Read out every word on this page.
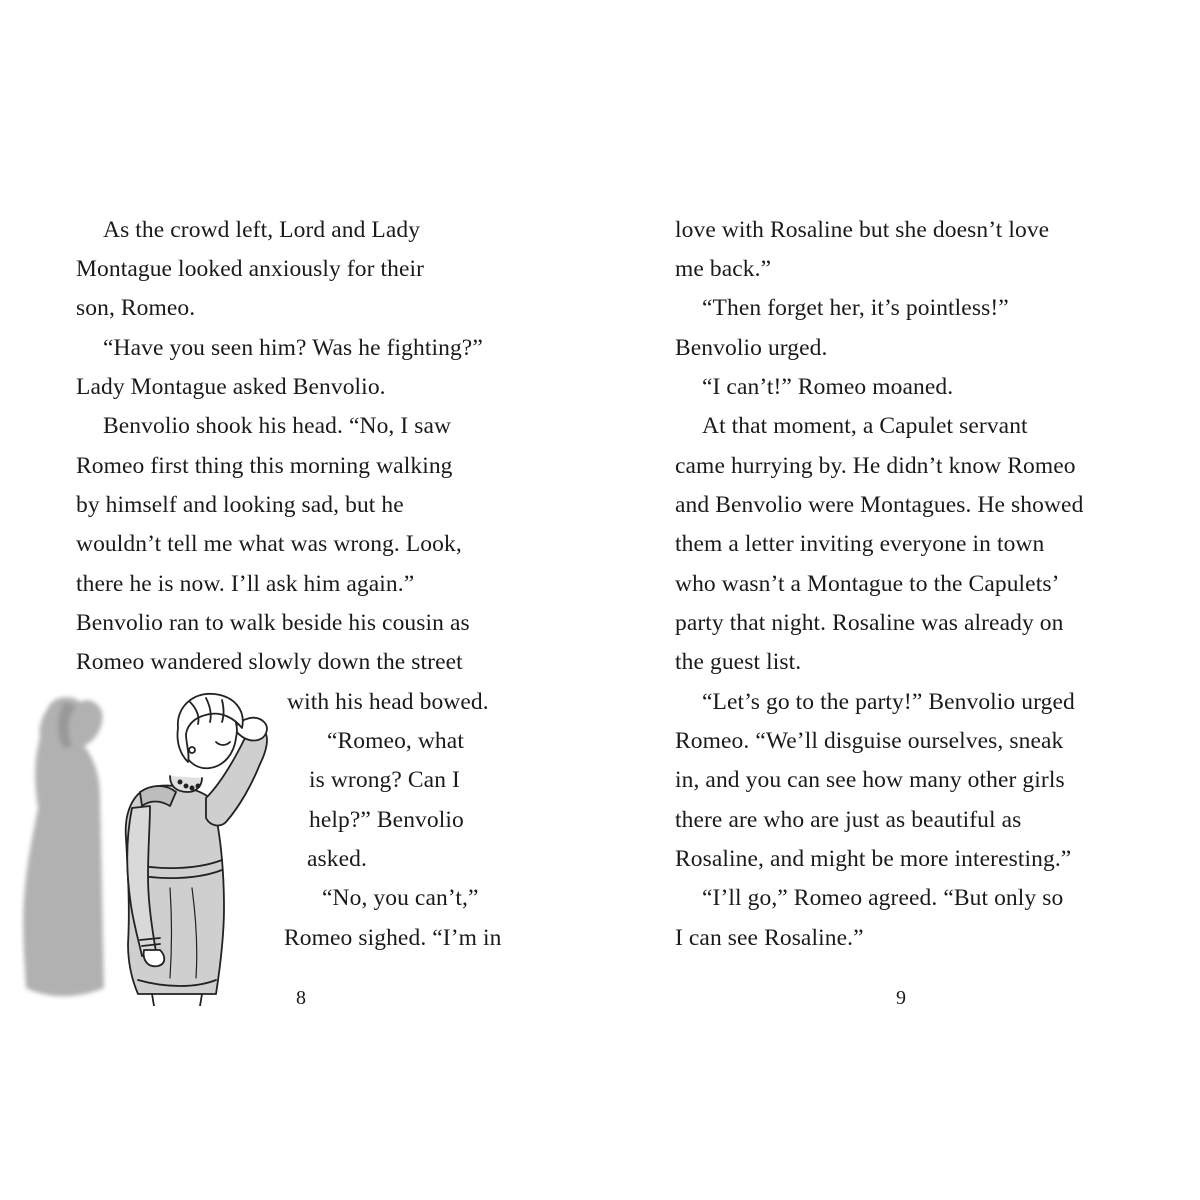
As the crowd left, Lord and Lady
Montague looked anxiously for their
son, Romeo.
“Have you seen him? Was he fighting?”
Lady Montague asked Benvolio.
Benvolio shook his head. “No, I saw
Romeo first thing this morning walking
by himself and looking sad, but he
wouldn’t tell me what was wrong. Look,
there he is now. I’ll ask him again.”
Benvolio ran to walk beside his cousin as
Romeo wandered slowly down the street
with his head bowed.
“Romeo, what
is wrong? Can I
help?” Benvolio
asked.
“No, you can’t,”
Romeo sighed. “I’m in
8
love with Rosaline but she doesn’t love
me back.”
“Then forget her, it’s pointless!”
Benvolio urged.
“I can’t!” Romeo moaned.
At that moment, a Capulet servant
came hurrying by. He didn’t know Romeo
and Benvolio were Montagues. He showed
them a letter inviting everyone in town
who wasn’t a Montague to the Capulets’
party that night. Rosaline was already on
the guest list.
“Let’s go to the party!” Benvolio urged
Romeo. “We’ll disguise ourselves, sneak
in, and you can see how many other girls
there are who are just as beautiful as
Rosaline, and might be more interesting.”
“I’ll go,” Romeo agreed. “But only so
I can see Rosaline.”
9
